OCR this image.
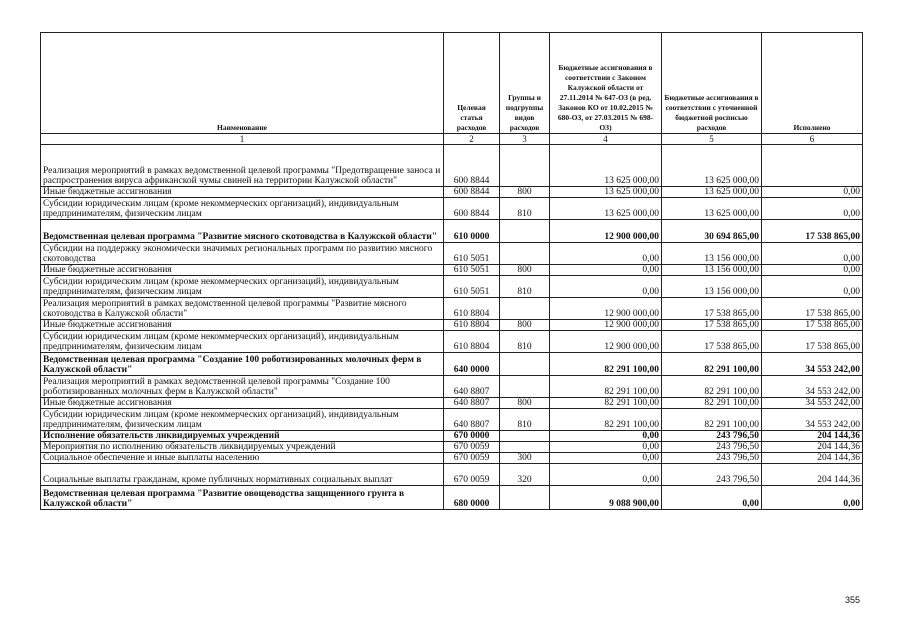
Наименование	Целевая статья расходов	Группы и подгруппы видов расходов	Бюджетные ассигнования в соответствии с Законом Калужской области от 27.11.2014 № 647-ОЗ (в ред. Законов КО от 10.02.2015 № 680-ОЗ, от 27.03.2015 № 698-ОЗ)	Бюджетные ассигнования в соответствии с уточненной бюджетной росписью расходов	Исполнено
1	2	3	4	5	6
Реализация мероприятий в рамках ведомственной целевой программы "Предотвращение заноса и распространения вируса африканской чумы свиней на территории Калужской области"	600 8844		13 625 000,00	13 625 000,00	
Иные бюджетные ассигнования	600 8844	800	13 625 000,00	13 625 000,00	0,00
Субсидии юридическим лицам (кроме некоммерческих организаций), индивидуальным предпринимателям, физическим лицам	600 8844	810	13 625 000,00	13 625 000,00	0,00
Ведомственная целевая программа "Развитие мясного скотоводства в Калужской области"	610 0000		12 900 000,00	30 694 865,00	17 538 865,00
Субсидии на поддержку экономически значимых региональных программ по развитию мясного скотоводства	610 5051		0,00	13 156 000,00	0,00
Иные бюджетные ассигнования	610 5051	800	0,00	13 156 000,00	0,00
Субсидии юридическим лицам (кроме некоммерческих организаций), индивидуальным предпринимателям, физическим лицам	610 5051	810	0,00	13 156 000,00	0,00
Реализация мероприятий в рамках ведомственной целевой программы "Развитие мясного скотоводства в Калужской области"	610 8804		12 900 000,00	17 538 865,00	17 538 865,00
Иные бюджетные ассигнования	610 8804	800	12 900 000,00	17 538 865,00	17 538 865,00
Субсидии юридическим лицам (кроме некоммерческих организаций), индивидуальным предпринимателям, физическим лицам	610 8804	810	12 900 000,00	17 538 865,00	17 538 865,00
Ведомственная целевая программа "Создание 100 роботизированных молочных ферм в Калужской области"	640 0000		82 291 100,00	82 291 100,00	34 553 242,00
Реализация мероприятий в рамках ведомственной целевой программы "Создание 100 роботизированных молочных ферм в Калужской области"	640 8807		82 291 100,00	82 291 100,00	34 553 242,00
Иные бюджетные ассигнования	640 8807	800	82 291 100,00	82 291 100,00	34 553 242,00
Субсидии юридическим лицам (кроме некоммерческих организаций), индивидуальным предпринимателям, физическим лицам	640 8807	810	82 291 100,00	82 291 100,00	34 553 242,00
Исполнение обязательств ликвидируемых учреждений	670 0000		0,00	243 796,50	204 144,36
Мероприятия по исполнению обязательств ликвидируемых учреждений	670 0059		0,00	243 796,50	204 144,36
Социальное обеспечение и иные выплаты населению	670 0059	300	0,00	243 796,50	204 144,36
Социальные выплаты гражданам, кроме публичных нормативных социальных выплат	670 0059	320	0,00	243 796,50	204 144,36
Ведомственная целевая программа "Развитие овощеводства защищенного грунта в Калужской области"	680 0000		9 088 900,00	0,00	0,00
355
